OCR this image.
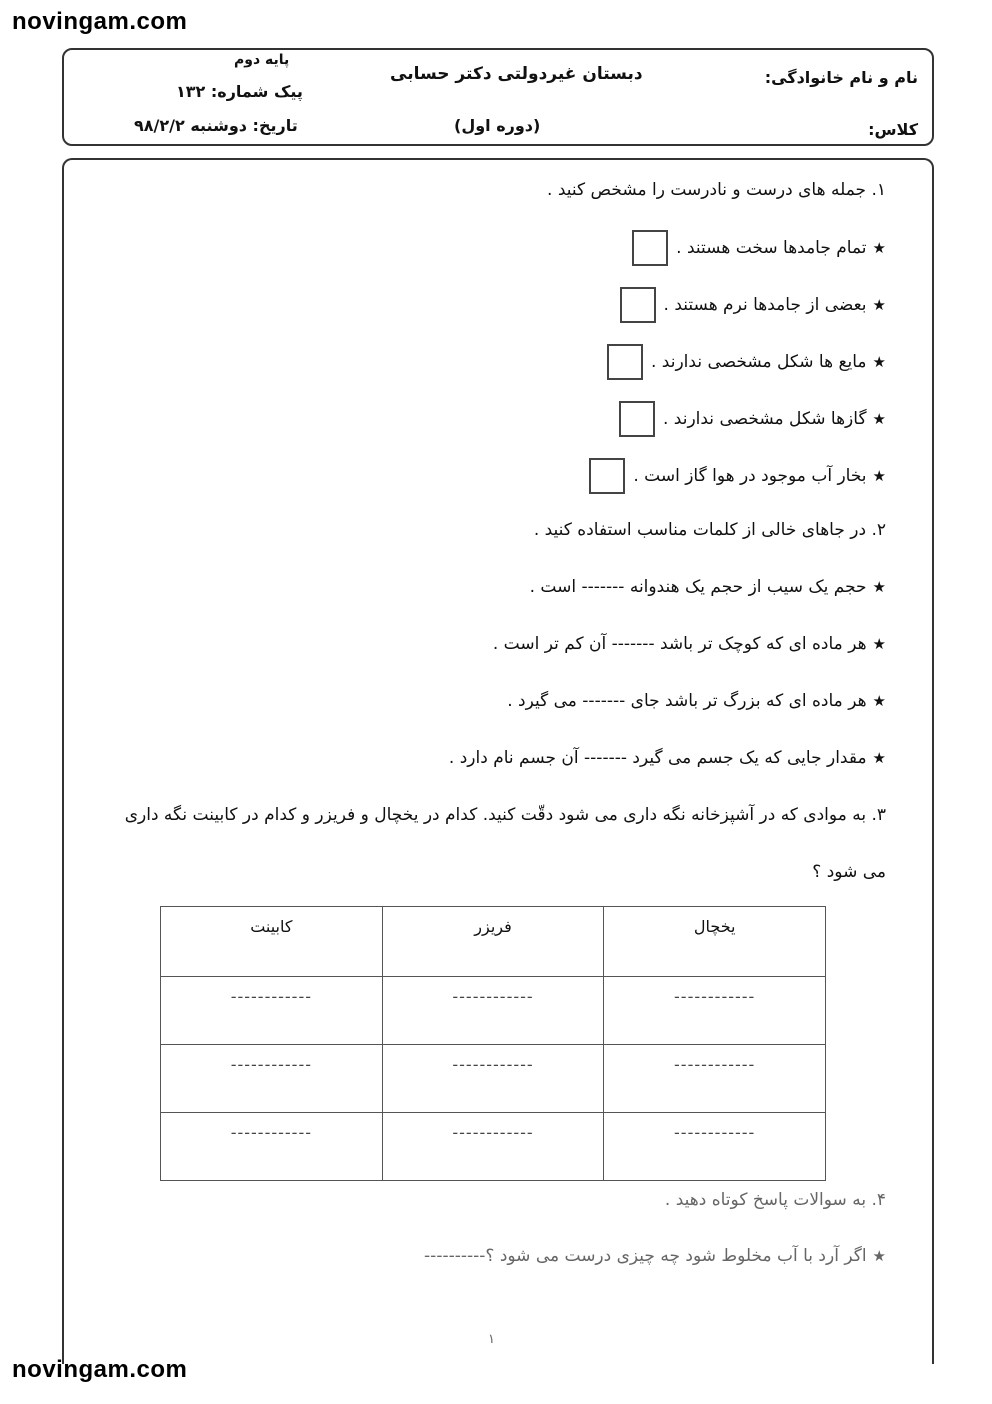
novingam.com
پایه دوم
پیک شماره: ۱۳۲
تاریخ: دوشنبه ۹۸/۲/۲
دبستان غیردولتی دکتر حسابی
(دوره اول)
نام و نام خانوادگی:
کلاس:
۱. جمله های درست و نادرست را مشخص کنید .
★تمام جامدها سخت هستند .
★بعضی از جامدها نرم هستند .
★مایع ها شکل مشخصی ندارند .
★گازها شکل مشخصی ندارند .
★بخار آب موجود در هوا گاز است .
۲. در جاهای خالی از کلمات مناسب استفاده کنید .
★حجم یک سیب از حجم یک هندوانه ------- است .
★هر ماده ای که کوچک تر باشد ------- آن کم تر است .
★هر ماده ای که بزرگ تر باشد جای ------- می گیرد .
★مقدار جایی که یک جسم می گیرد ------- آن جسم نام دارد .
۳. به موادی که در آشپزخانه نگه داری می شود دقّت کنید. کدام در یخچال و فریزر و کدام در کابینت نگه داری
می شود ؟
یخچال	فریزر	کابینت
------------	------------	------------
------------	------------	------------
------------	------------	------------
۴. به سوالات پاسخ کوتاه دهید .
★اگر آرد با آب مخلوط شود چه چیزی درست می شود ؟----------
۱
novingam.com
